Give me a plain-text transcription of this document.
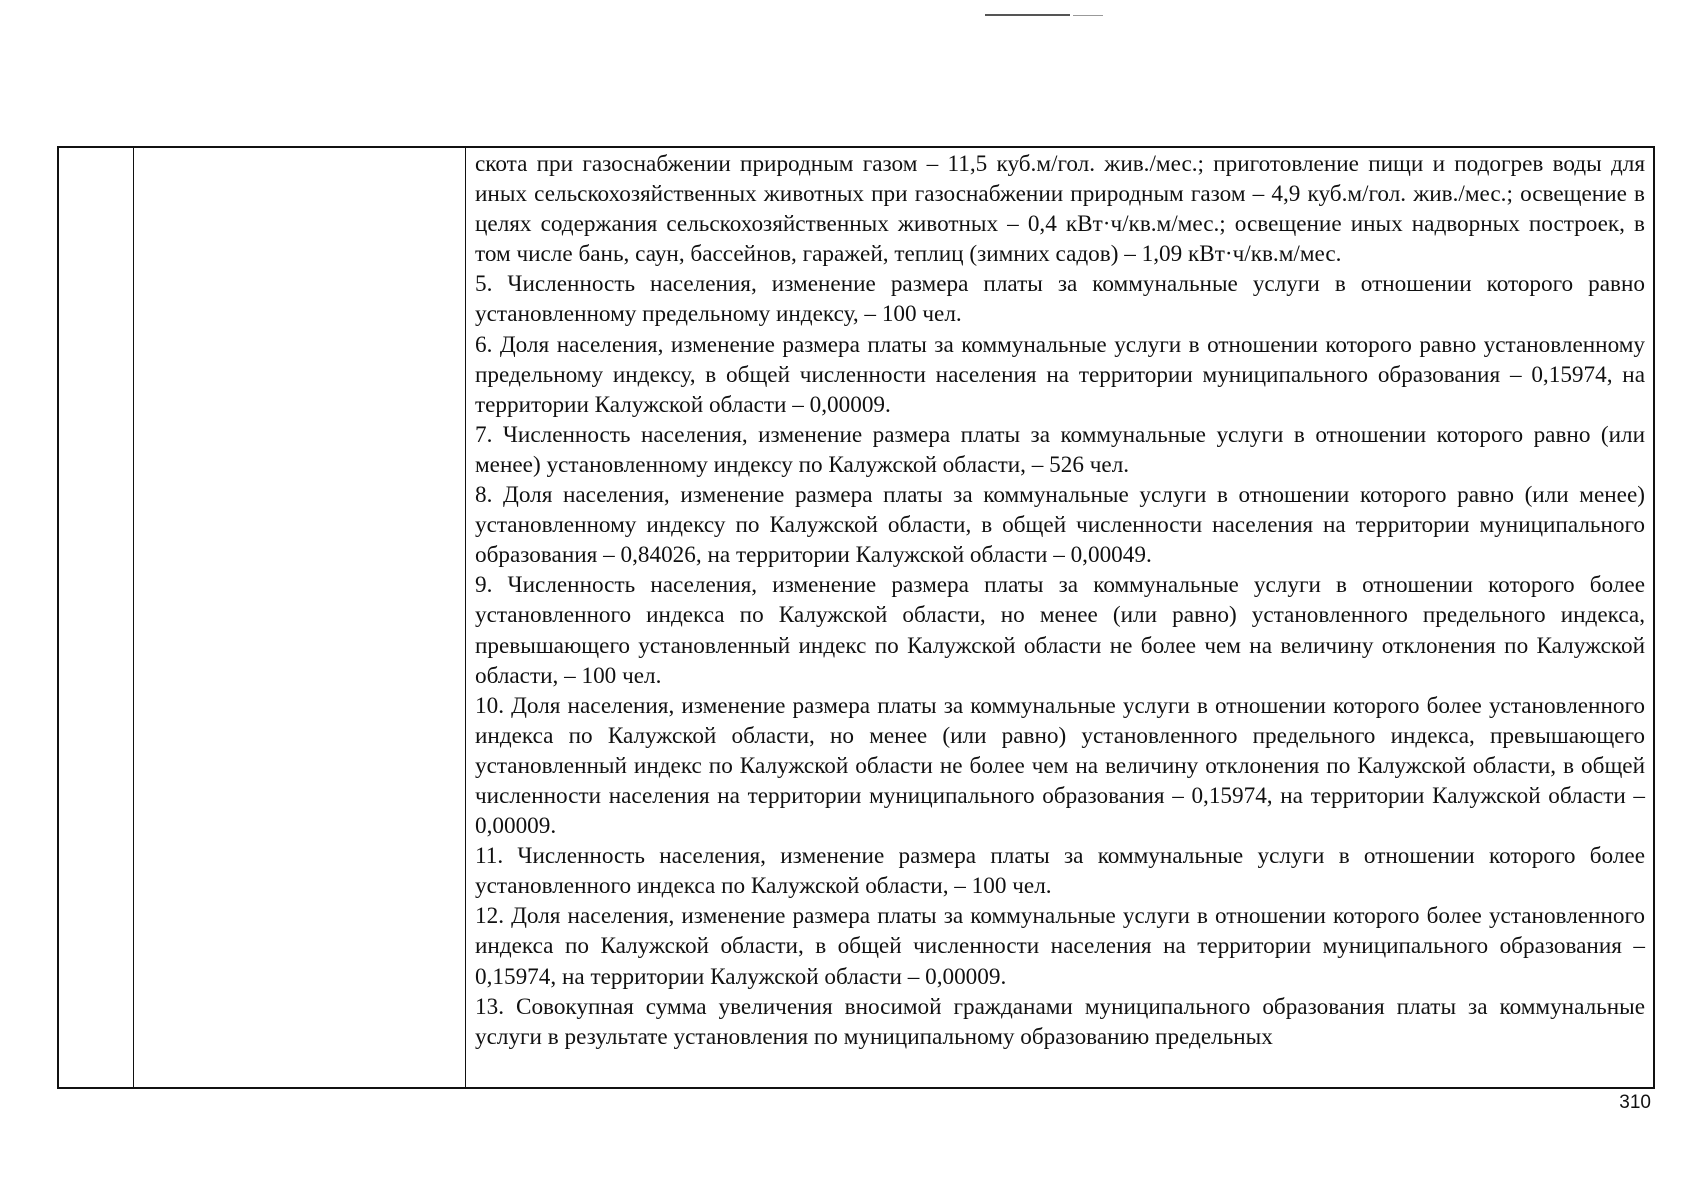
скота при газоснабжении природным газом – 11,5 куб.м/гол. жив./мес.; приготовление пищи и подогрев воды для иных сельскохозяйственных животных при газоснабжении природным газом – 4,9 куб.м/гол. жив./мес.; освещение в целях содержания сельскохозяйственных животных – 0,4 кВт·ч/кв.м/мес.; освещение иных надворных построек, в том числе бань, саун, бассейнов, гаражей, теплиц (зимних садов) – 1,09 кВт·ч/кв.м/мес.

5. Численность населения, изменение размера платы за коммунальные услуги в отношении которого равно установленному предельному индексу, – 100 чел.

6. Доля населения, изменение размера платы за коммунальные услуги в отношении которого равно установленному предельному индексу, в общей численности населения на территории муниципального образования – 0,15974, на территории Калужской области – 0,00009.

7. Численность населения, изменение размера платы за коммунальные услуги в отношении которого равно (или менее) установленному индексу по Калужской области, – 526 чел.

8. Доля населения, изменение размера платы за коммунальные услуги в отношении которого равно (или менее) установленному индексу по Калужской области, в общей численности населения на территории муниципального образования – 0,84026, на территории Калужской области – 0,00049.

9. Численность населения, изменение размера платы за коммунальные услуги в отношении которого более установленного индекса по Калужской области, но менее (или равно) установленного предельного индекса, превышающего установленный индекс по Калужской области не более чем на величину отклонения по Калужской области, – 100 чел.

10. Доля населения, изменение размера платы за коммунальные услуги в отношении которого более установленного индекса по Калужской области, но менее (или равно) установленного предельного индекса, превышающего установленный индекс по Калужской области не более чем на величину отклонения по Калужской области, в общей численности населения на территории муниципального образования – 0,15974, на территории Калужской области – 0,00009.

11. Численность населения, изменение размера платы за коммунальные услуги в отношении которого более установленного индекса по Калужской области, – 100 чел.

12. Доля населения, изменение размера платы за коммунальные услуги в отношении которого более установленного индекса по Калужской области, в общей численности населения на территории муниципального образования – 0,15974, на территории Калужской области – 0,00009.

13. Совокупная сумма увеличения вносимой гражданами муниципального образования платы за коммунальные услуги в результате установления по муниципальному образованию предельных

310
